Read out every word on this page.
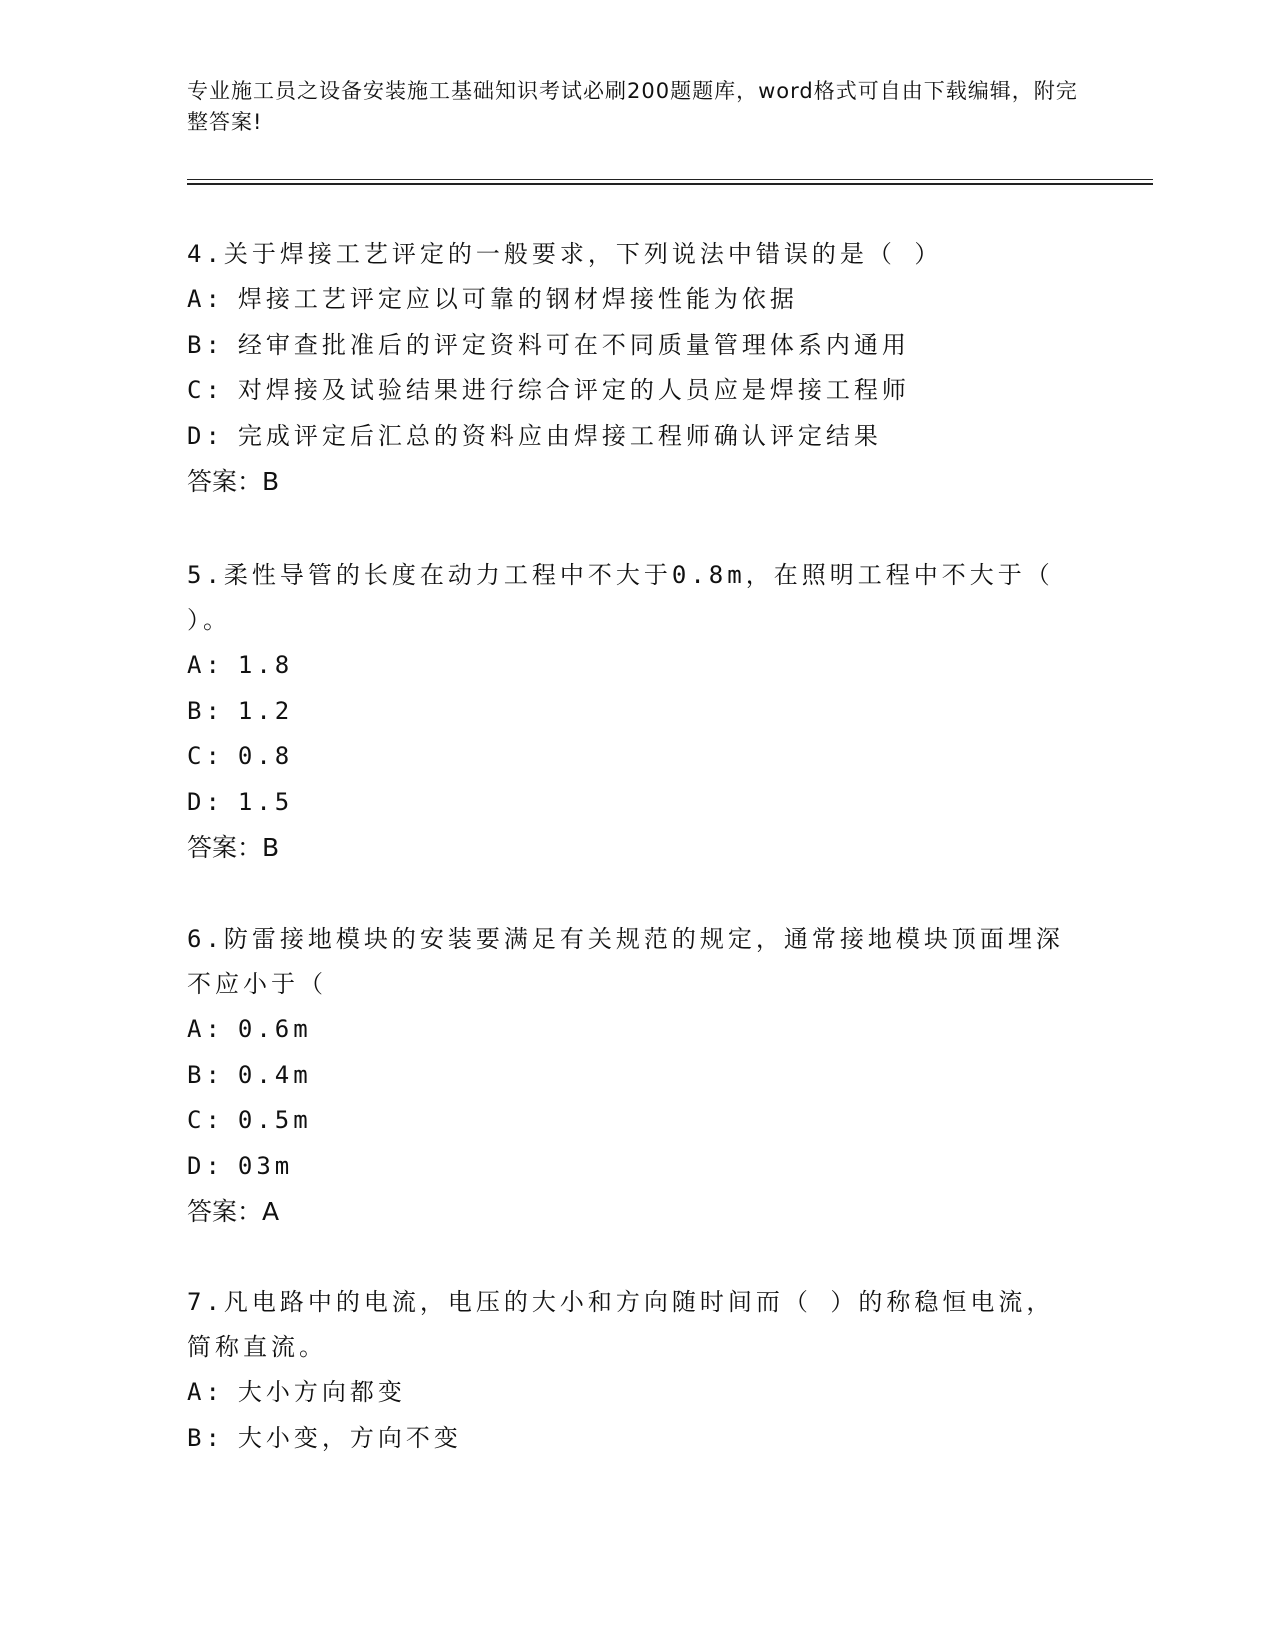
专业施工员之设备安装施工基础知识考试必刷200题题库，word格式可自由下载编辑，附完整答案!

4.关于焊接工艺评定的一般要求，下列说法中错误的是（ ）

A: 焊接工艺评定应以可靠的钢材焊接性能为依据

B: 经审查批准后的评定资料可在不同质量管理体系内通用

C: 对焊接及试验结果进行综合评定的人员应是焊接工程师

D: 完成评定后汇总的资料应由焊接工程师确认评定结果

答案：B

5.柔性导管的长度在动力工程中不大于0.8m，在照明工程中不大于（ ）。

A: 1.8

B: 1.2

C: 0.8

D: 1.5

答案：B

6.防雷接地模块的安装要满足有关规范的规定，通常接地模块顶面埋深不应小于（

A: 0.6m

B: 0.4m

C: 0.5m

D: 03m

答案：A

7.凡电路中的电流，电压的大小和方向随时间而（ ）的称稳恒电流，简称直流。

A: 大小方向都变

B: 大小变，方向不变
